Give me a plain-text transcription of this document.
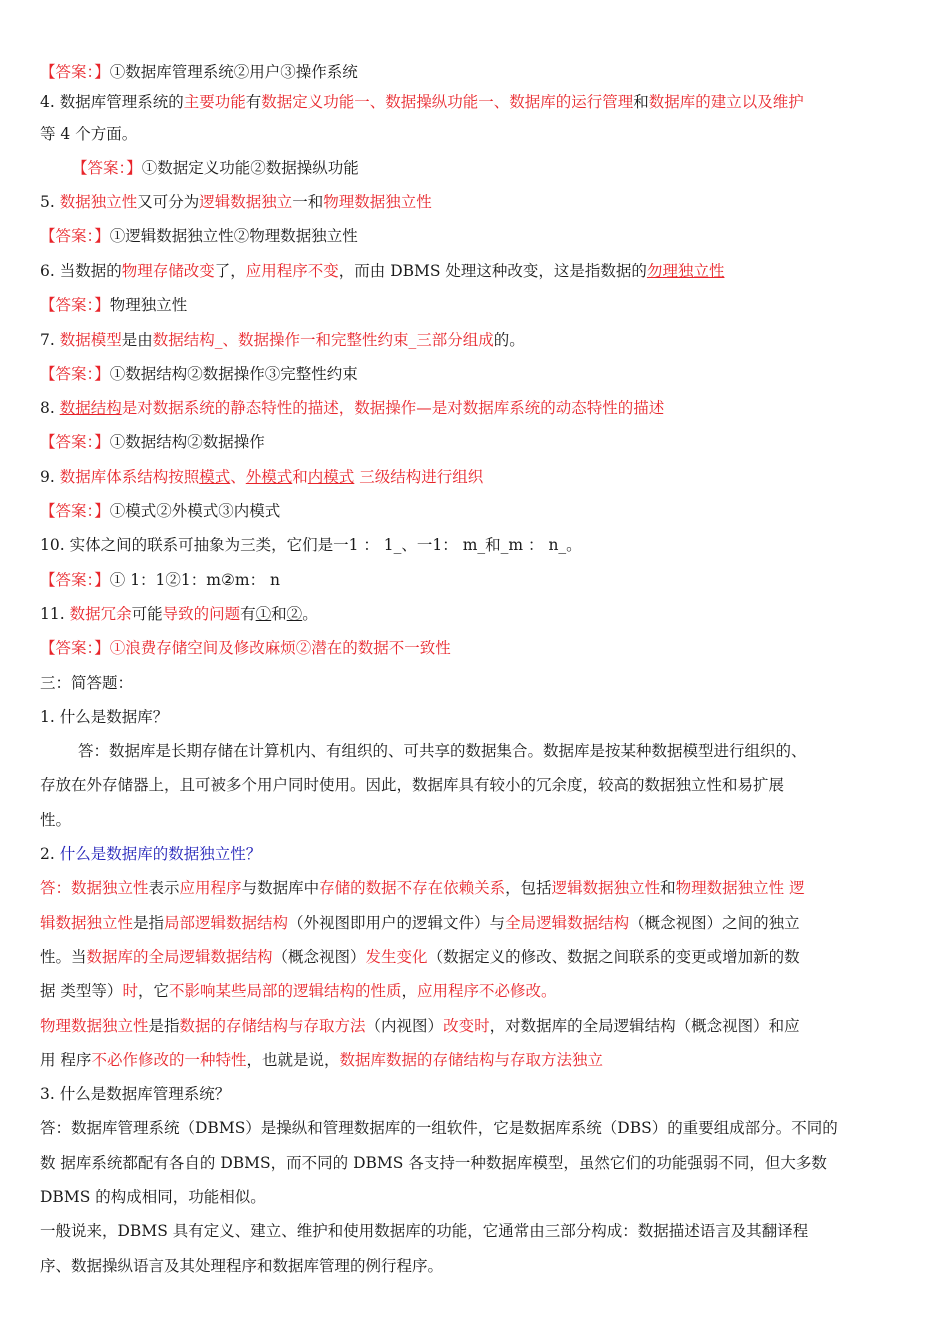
【答案：】①数据库管理系统②用户③操作系统
4. 数据库管理系统的主要功能有数据定义功能一、数据操纵功能一、数据库的运行管理和数据库的建立以及维护
等 4 个方面。
【答案：】①数据定义功能②数据操纵功能
5. 数据独立性又可分为逻辑数据独立一和物理数据独立性
【答案：】①逻辑数据独立性②物理数据独立性
6. 当数据的物理存储改变了，应用程序不变，而由 DBMS 处理这种改变，这是指数据的勿理独立性
【答案：】物理独立性
7. 数据模型是由数据结构_、数据操作一和完整性约束_三部分组成的。
【答案：】①数据结构②数据操作③完整性约束
8. 数据结构是对数据系统的静态特性的描述，数据操作—是对数据库系统的动态特性的描述
【答案：】①数据结构②数据操作
9. 数据库体系结构按照模式、外模式和内模式 三级结构进行组织
【答案：】①模式②外模式③内模式
10. 实体之间的联系可抽象为三类，它们是一1 ： 1_、一1： m_和_m ： n_。
【答案：】① 1：1②1：m②m： n
11. 数据冗余可能导致的问题有①和②。
【答案：】①浪费存储空间及修改麻烦②潜在的数据不一致性
三：简答题：
1. 什么是数据库？
答：数据库是长期存储在计算机内、有组织的、可共享的数据集合。数据库是按某种数据模型进行组织的、
存放在外存储器上，且可被多个用户同时使用。因此，数据库具有较小的冗余度，较高的数据独立性和易扩展
性。
2. 什么是数据库的数据独立性？
答：数据独立性表示应用程序与数据库中存储的数据不存在依赖关系，包括逻辑数据独立性和物理数据独立性 逻
辑数据独立性是指局部逻辑数据结构（外视图即用户的逻辑文件）与全局逻辑数据结构（概念视图）之间的独立
性。当数据库的全局逻辑数据结构（概念视图）发生变化（数据定义的修改、数据之间联系的变更或增加新的数
据 类型等）时，它不影响某些局部的逻辑结构的性质，应用程序不必修改。
物理数据独立性是指数据的存储结构与存取方法（内视图）改变时，对数据库的全局逻辑结构（概念视图）和应
用 程序不必作修改的一种特性，也就是说，数据库数据的存储结构与存取方法独立
3. 什么是数据库管理系统？
答：数据库管理系统（DBMS）是操纵和管理数据库的一组软件，它是数据库系统（DBS）的重要组成部分。不同的
数 据库系统都配有各自的 DBMS，而不同的 DBMS 各支持一种数据库模型，虽然它们的功能强弱不同，但大多数
DBMS 的构成相同，功能相似。
一般说来，DBMS 具有定义、建立、维护和使用数据库的功能，它通常由三部分构成：数据描述语言及其翻译程
序、数据操纵语言及其处理程序和数据库管理的例行程序。
